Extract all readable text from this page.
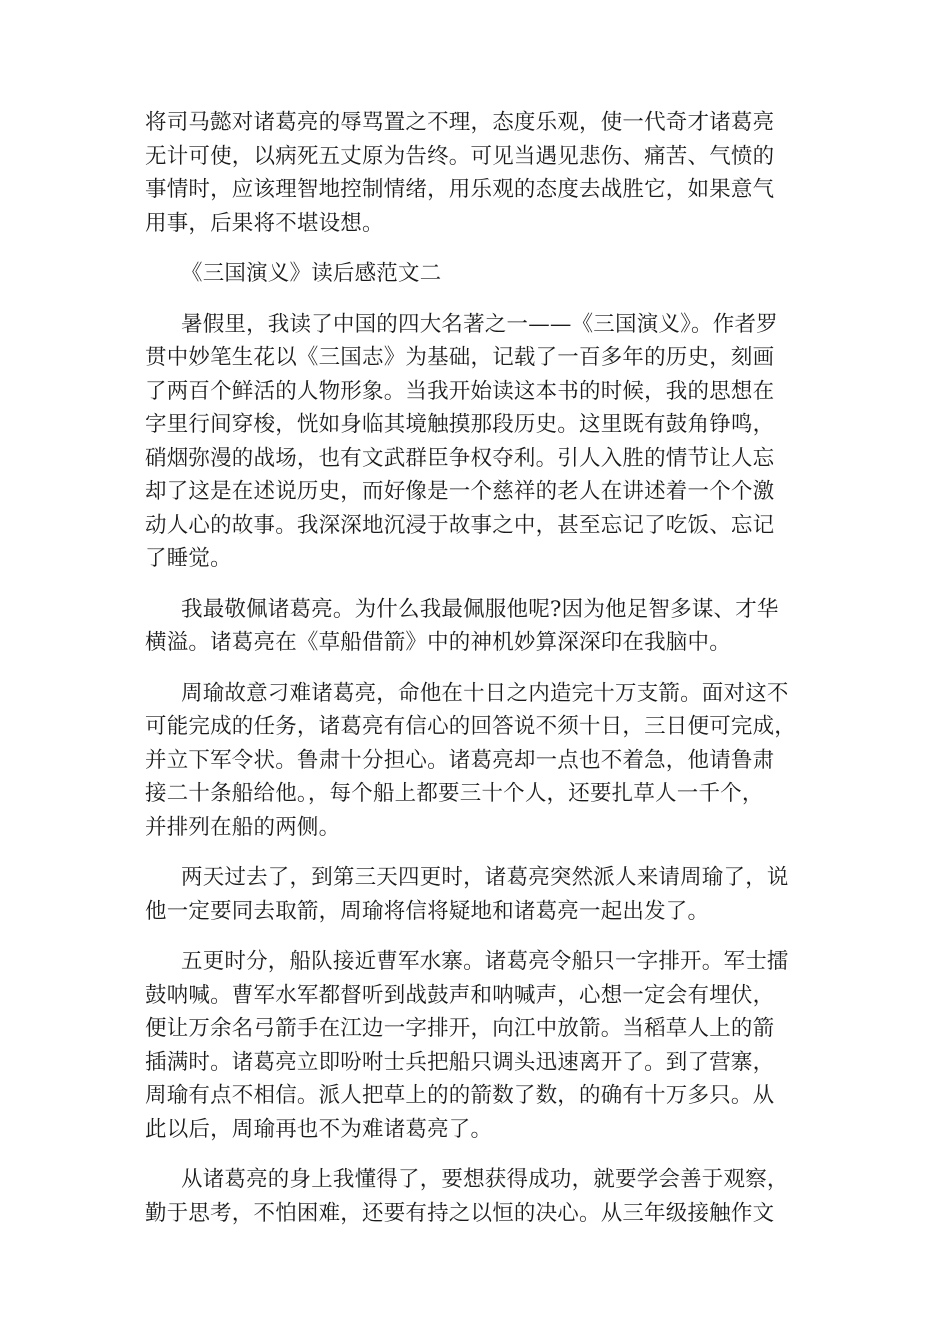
将司马懿对诸葛亮的辱骂置之不理，态度乐观，使一代奇才诸葛亮
无计可使，以病死五丈原为告终。可见当遇见悲伤、痛苦、气愤的
事情时，应该理智地控制情绪，用乐观的态度去战胜它，如果意气
用事，后果将不堪设想。

《三国演义》读后感范文二

暑假里，我读了中国的四大名著之一——《三国演义》。作者罗
贯中妙笔生花以《三国志》为基础，记载了一百多年的历史，刻画
了两百个鲜活的人物形象。当我开始读这本书的时候，我的思想在
字里行间穿梭，恍如身临其境触摸那段历史。这里既有鼓角铮鸣，
硝烟弥漫的战场，也有文武群臣争权夺利。引人入胜的情节让人忘
却了这是在述说历史，而好像是一个慈祥的老人在讲述着一个个激
动人心的故事。我深深地沉浸于故事之中，甚至忘记了吃饭、忘记
了睡觉。

我最敬佩诸葛亮。为什么我最佩服他呢?因为他足智多谋、才华
横溢。诸葛亮在《草船借箭》中的神机妙算深深印在我脑中。

周瑜故意刁难诸葛亮，命他在十日之内造完十万支箭。面对这不
可能完成的任务，诸葛亮有信心的回答说不须十日，三日便可完成，
并立下军令状。鲁肃十分担心。诸葛亮却一点也不着急，他请鲁肃
接二十条船给他。，每个船上都要三十个人，还要扎草人一千个，
并排列在船的两侧。

两天过去了，到第三天四更时，诸葛亮突然派人来请周瑜了，说
他一定要同去取箭，周瑜将信将疑地和诸葛亮一起出发了。

五更时分，船队接近曹军水寨。诸葛亮令船只一字排开。军士擂
鼓呐喊。曹军水军都督听到战鼓声和呐喊声，心想一定会有埋伏，
便让万余名弓箭手在江边一字排开，向江中放箭。当稻草人上的箭
插满时。诸葛亮立即吩咐士兵把船只调头迅速离开了。到了营寨，
周瑜有点不相信。派人把草上的的箭数了数，的确有十万多只。从
此以后，周瑜再也不为难诸葛亮了。

从诸葛亮的身上我懂得了，要想获得成功，就要学会善于观察，
勤于思考，不怕困难，还要有持之以恒的决心。从三年级接触作文
